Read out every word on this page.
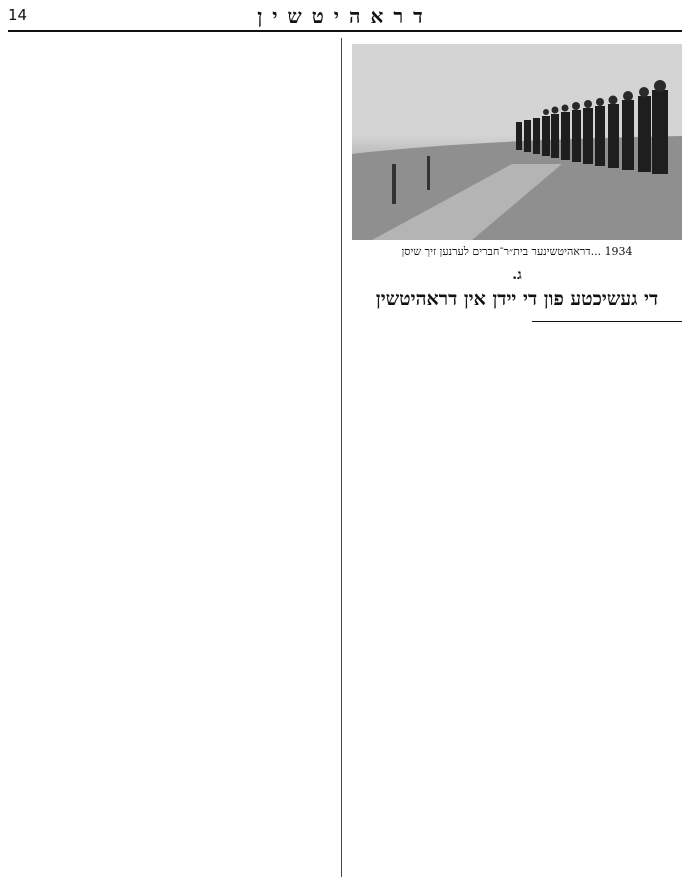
14	דראהיטשין
1934 ...דראהיטשינער בית״ר־חברים לערנען זיך שיסן
ג.
די געשיכטע פון די יידן אין דראהיטשין
